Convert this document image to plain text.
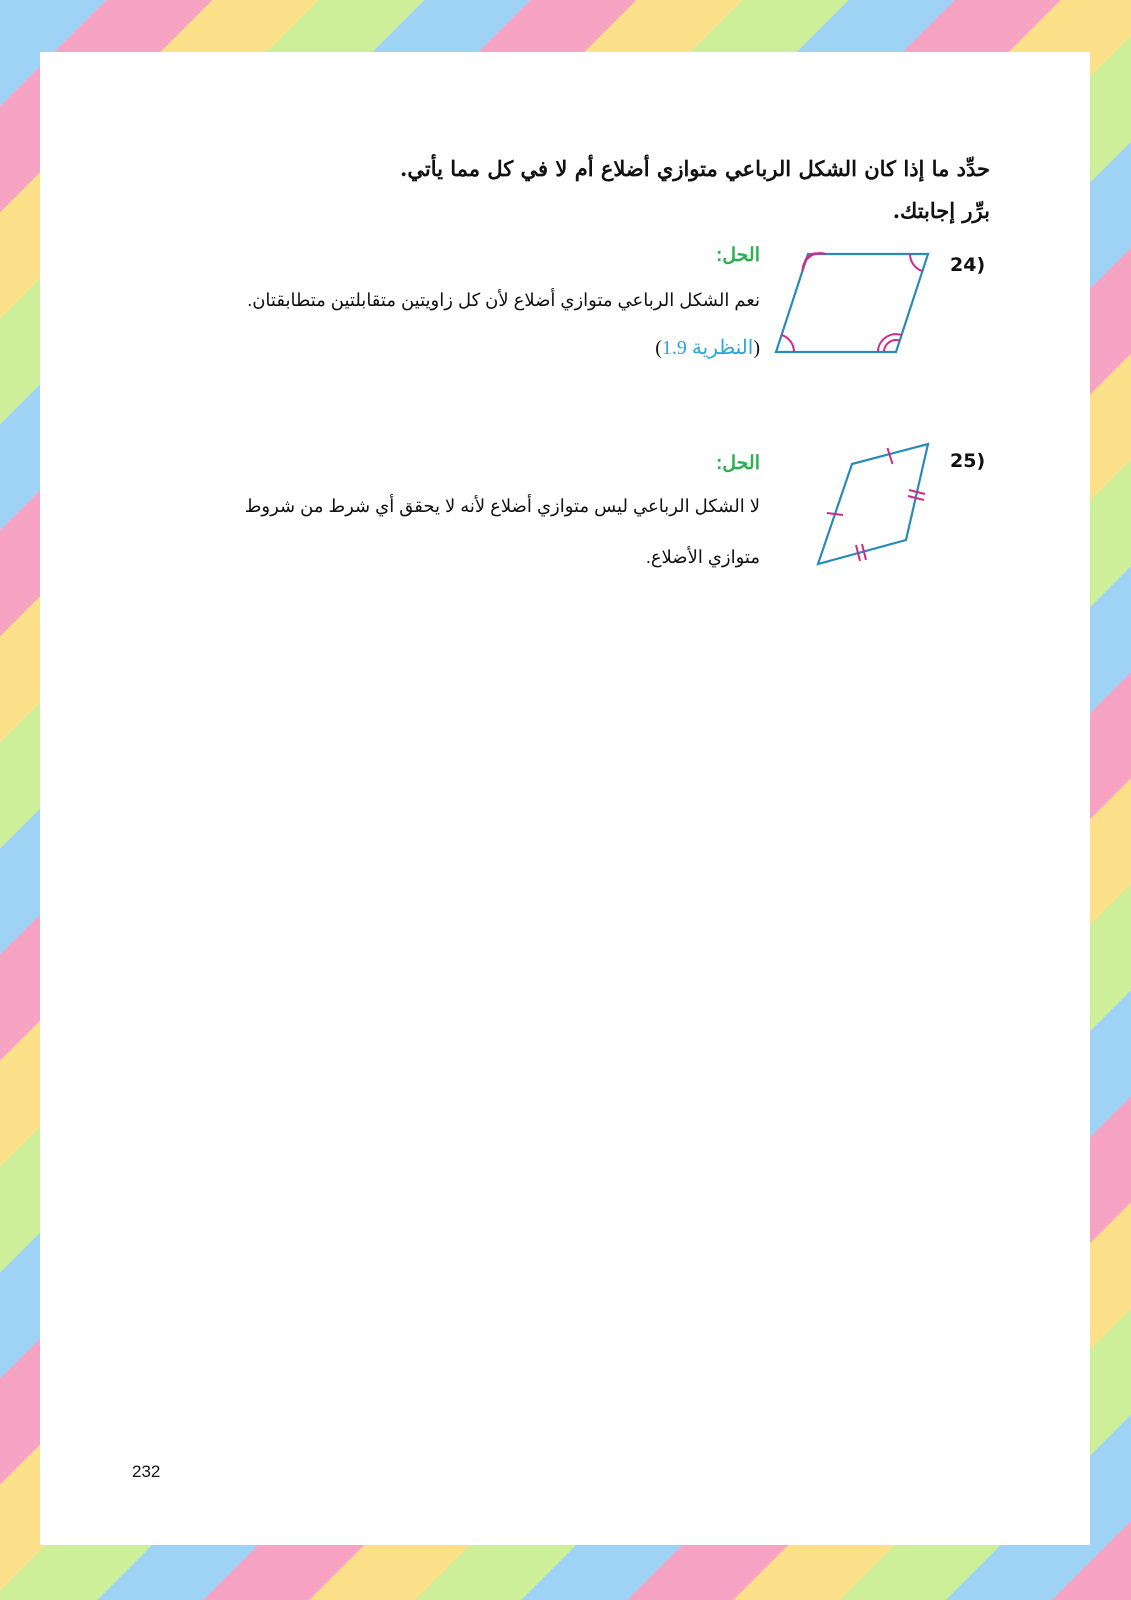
حدِّد ما إذا كان الشكل الرباعي متوازي أضلاع أم لا في كل مما يأتي.
برِّر إجابتك.
24)
الحل:
نعم الشكل الرباعي متوازي أضلاع لأن كل زاويتين متقابلتين متطابقتان.
(النظرية 1.9)
25)
الحل:
لا الشكل الرباعي ليس متوازي أضلاع لأنه لا يحقق أي شرط من شروط
متوازي الأضلاع.
232
